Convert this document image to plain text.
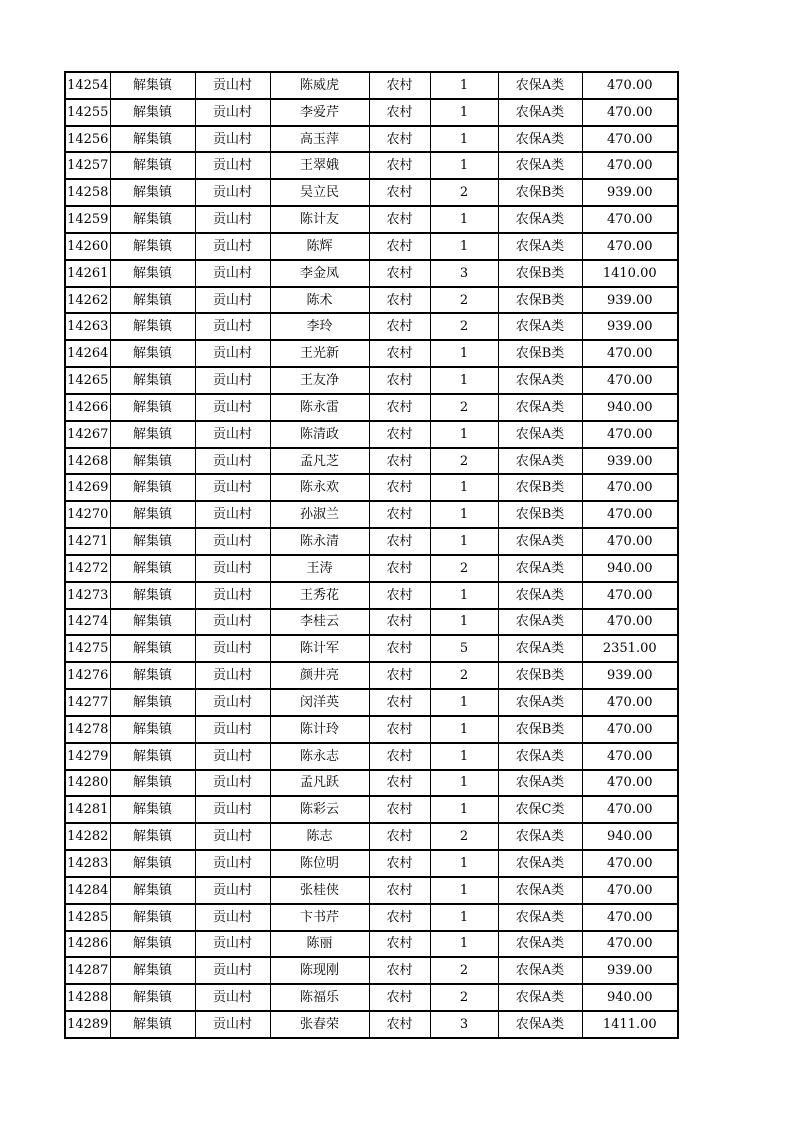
14254	解集镇	贡山村	陈威虎	农村	1	农保A类	470.00
14255	解集镇	贡山村	李爱芹	农村	1	农保A类	470.00
14256	解集镇	贡山村	高玉萍	农村	1	农保A类	470.00
14257	解集镇	贡山村	王翠娥	农村	1	农保A类	470.00
14258	解集镇	贡山村	吴立民	农村	2	农保B类	939.00
14259	解集镇	贡山村	陈计友	农村	1	农保A类	470.00
14260	解集镇	贡山村	陈辉	农村	1	农保A类	470.00
14261	解集镇	贡山村	李金凤	农村	3	农保B类	1410.00
14262	解集镇	贡山村	陈术	农村	2	农保B类	939.00
14263	解集镇	贡山村	李玲	农村	2	农保A类	939.00
14264	解集镇	贡山村	王光新	农村	1	农保B类	470.00
14265	解集镇	贡山村	王友净	农村	1	农保A类	470.00
14266	解集镇	贡山村	陈永雷	农村	2	农保A类	940.00
14267	解集镇	贡山村	陈清政	农村	1	农保A类	470.00
14268	解集镇	贡山村	孟凡芝	农村	2	农保A类	939.00
14269	解集镇	贡山村	陈永欢	农村	1	农保B类	470.00
14270	解集镇	贡山村	孙淑兰	农村	1	农保B类	470.00
14271	解集镇	贡山村	陈永清	农村	1	农保A类	470.00
14272	解集镇	贡山村	王涛	农村	2	农保A类	940.00
14273	解集镇	贡山村	王秀花	农村	1	农保A类	470.00
14274	解集镇	贡山村	李桂云	农村	1	农保A类	470.00
14275	解集镇	贡山村	陈计军	农村	5	农保A类	2351.00
14276	解集镇	贡山村	颜井亮	农村	2	农保B类	939.00
14277	解集镇	贡山村	闵洋英	农村	1	农保A类	470.00
14278	解集镇	贡山村	陈计玲	农村	1	农保B类	470.00
14279	解集镇	贡山村	陈永志	农村	1	农保A类	470.00
14280	解集镇	贡山村	孟凡跃	农村	1	农保A类	470.00
14281	解集镇	贡山村	陈彩云	农村	1	农保C类	470.00
14282	解集镇	贡山村	陈志	农村	2	农保A类	940.00
14283	解集镇	贡山村	陈位明	农村	1	农保A类	470.00
14284	解集镇	贡山村	张桂侠	农村	1	农保A类	470.00
14285	解集镇	贡山村	卞书芹	农村	1	农保A类	470.00
14286	解集镇	贡山村	陈丽	农村	1	农保A类	470.00
14287	解集镇	贡山村	陈现刚	农村	2	农保A类	939.00
14288	解集镇	贡山村	陈福乐	农村	2	农保A类	940.00
14289	解集镇	贡山村	张春荣	农村	3	农保A类	1411.00
